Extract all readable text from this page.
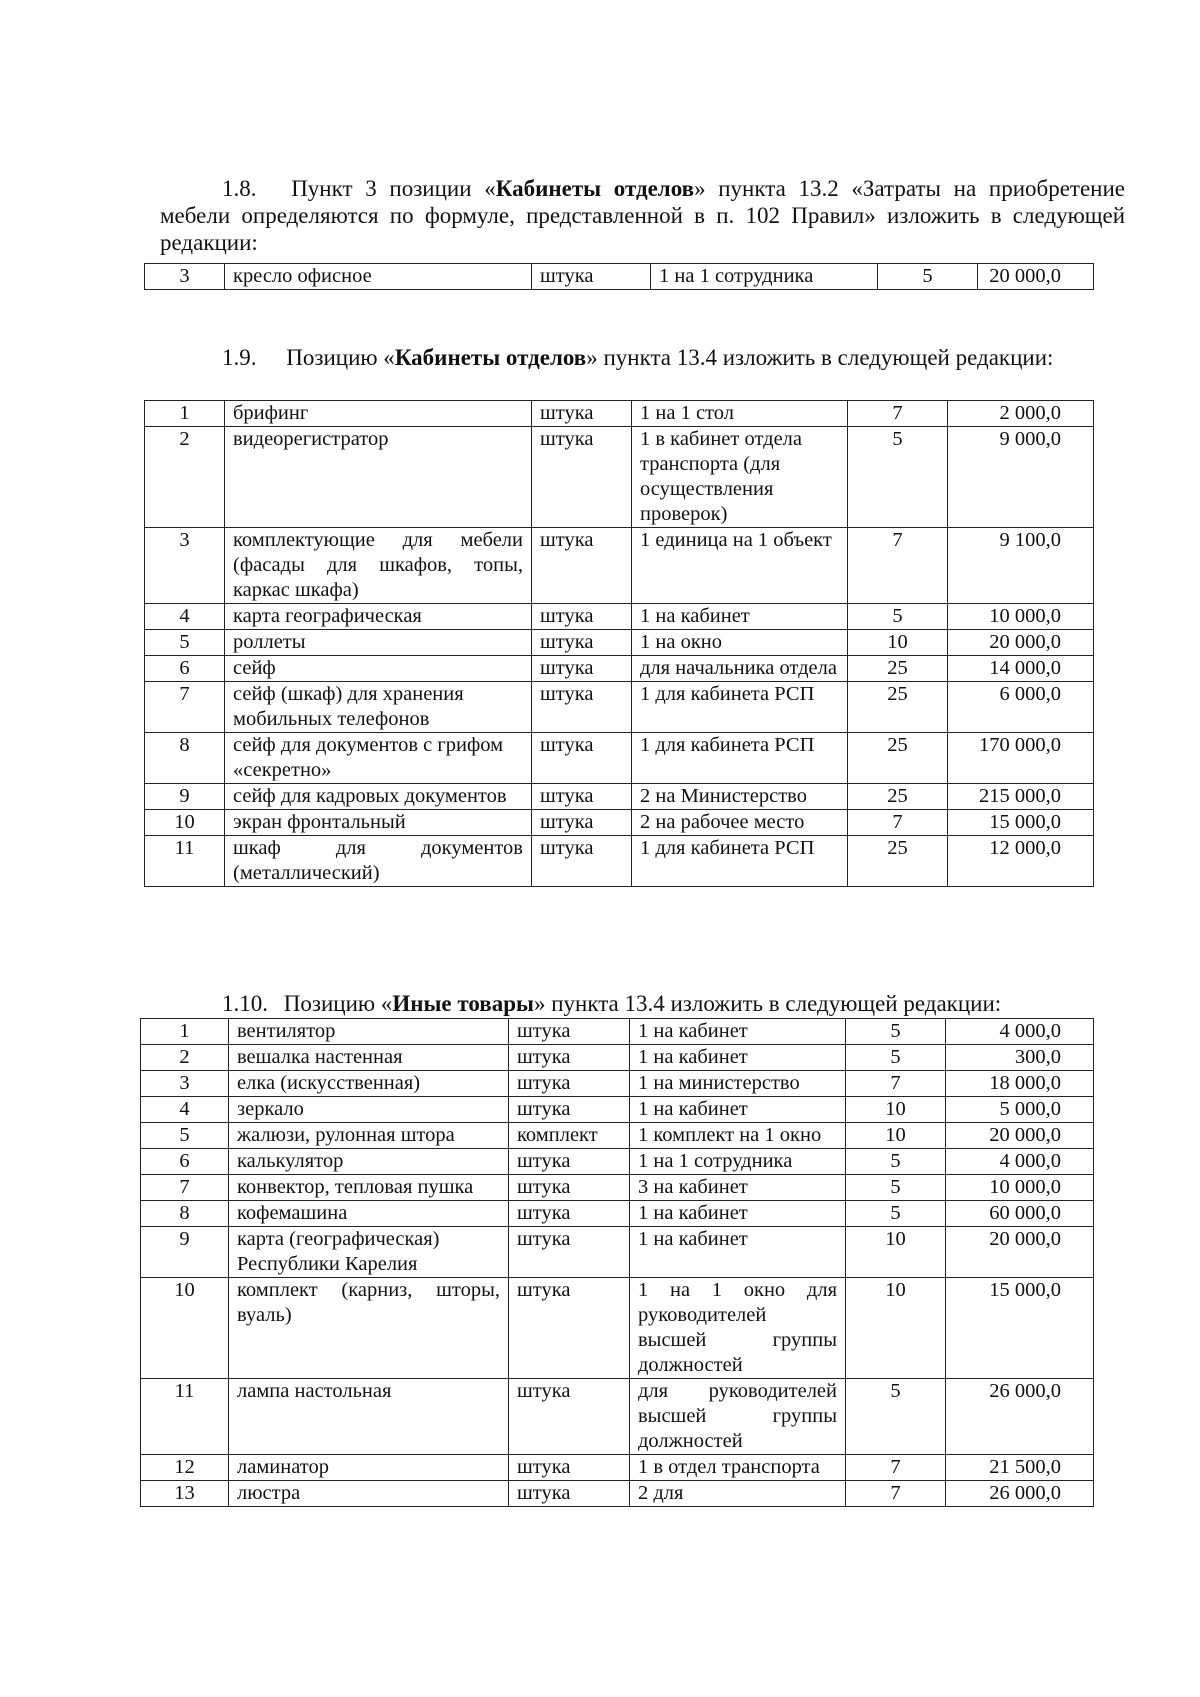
1.8. Пункт 3 позиции «Кабинеты отделов» пункта 13.2 «Затраты на приобретение мебели определяются по формуле, представленной в п. 102 Правил» изложить в следующей редакции:
3	кресло офисное	штука	1 на 1 сотрудника	5	20 000,0
1.9. Позицию «Кабинеты отделов» пункта 13.4 изложить в следующей редакции:
1	брифинг	штука	1 на 1 стол	7	2 000,0
2	видеорегистратор	штука	1 в кабинет отдела транспорта (для осуществления проверок)	5	9 000,0
3	комплектующие для мебели (фасады для шкафов, топы, каркас шкафа)	штука	1 единица на 1 объект	7	9 100,0
4	карта географическая	штука	1 на кабинет	5	10 000,0
5	роллеты	штука	1 на окно	10	20 000,0
6	сейф	штука	для начальника отдела	25	14 000,0
7	сейф (шкаф) для хранения мобильных телефонов	штука	1 для кабинета РСП	25	6 000,0
8	сейф для документов с грифом «секретно»	штука	1 для кабинета РСП	25	170 000,0
9	сейф для кадровых документов	штука	2 на Министерство	25	215 000,0
10	экран фронтальный	штука	2 на рабочее место	7	15 000,0
11	шкаф для документов (металлический)	штука	1 для кабинета РСП	25	12 000,0
1.10. Позицию «Иные товары» пункта 13.4 изложить в следующей редакции:
1	вентилятор	штука	1 на кабинет	5	4 000,0
2	вешалка настенная	штука	1 на кабинет	5	300,0
3	елка (искусственная)	штука	1 на министерство	7	18 000,0
4	зеркало	штука	1 на кабинет	10	5 000,0
5	жалюзи, рулонная штора	комплект	1 комплект на 1 окно	10	20 000,0
6	калькулятор	штука	1 на 1 сотрудника	5	4 000,0
7	конвектор, тепловая пушка	штука	3 на кабинет	5	10 000,0
8	кофемашина	штука	1 на кабинет	5	60 000,0
9	карта (географическая) Республики Карелия	штука	1 на кабинет	10	20 000,0
10	комплект (карниз, шторы, вуаль)	штука	1 на 1 окно для руководителей высшей группы должностей	10	15 000,0
11	лампа настольная	штука	для руководителей высшей группы должностей	5	26 000,0
12	ламинатор	штука	1 в отдел транспорта	7	21 500,0
13	люстра	штука	2 для	7	26 000,0
